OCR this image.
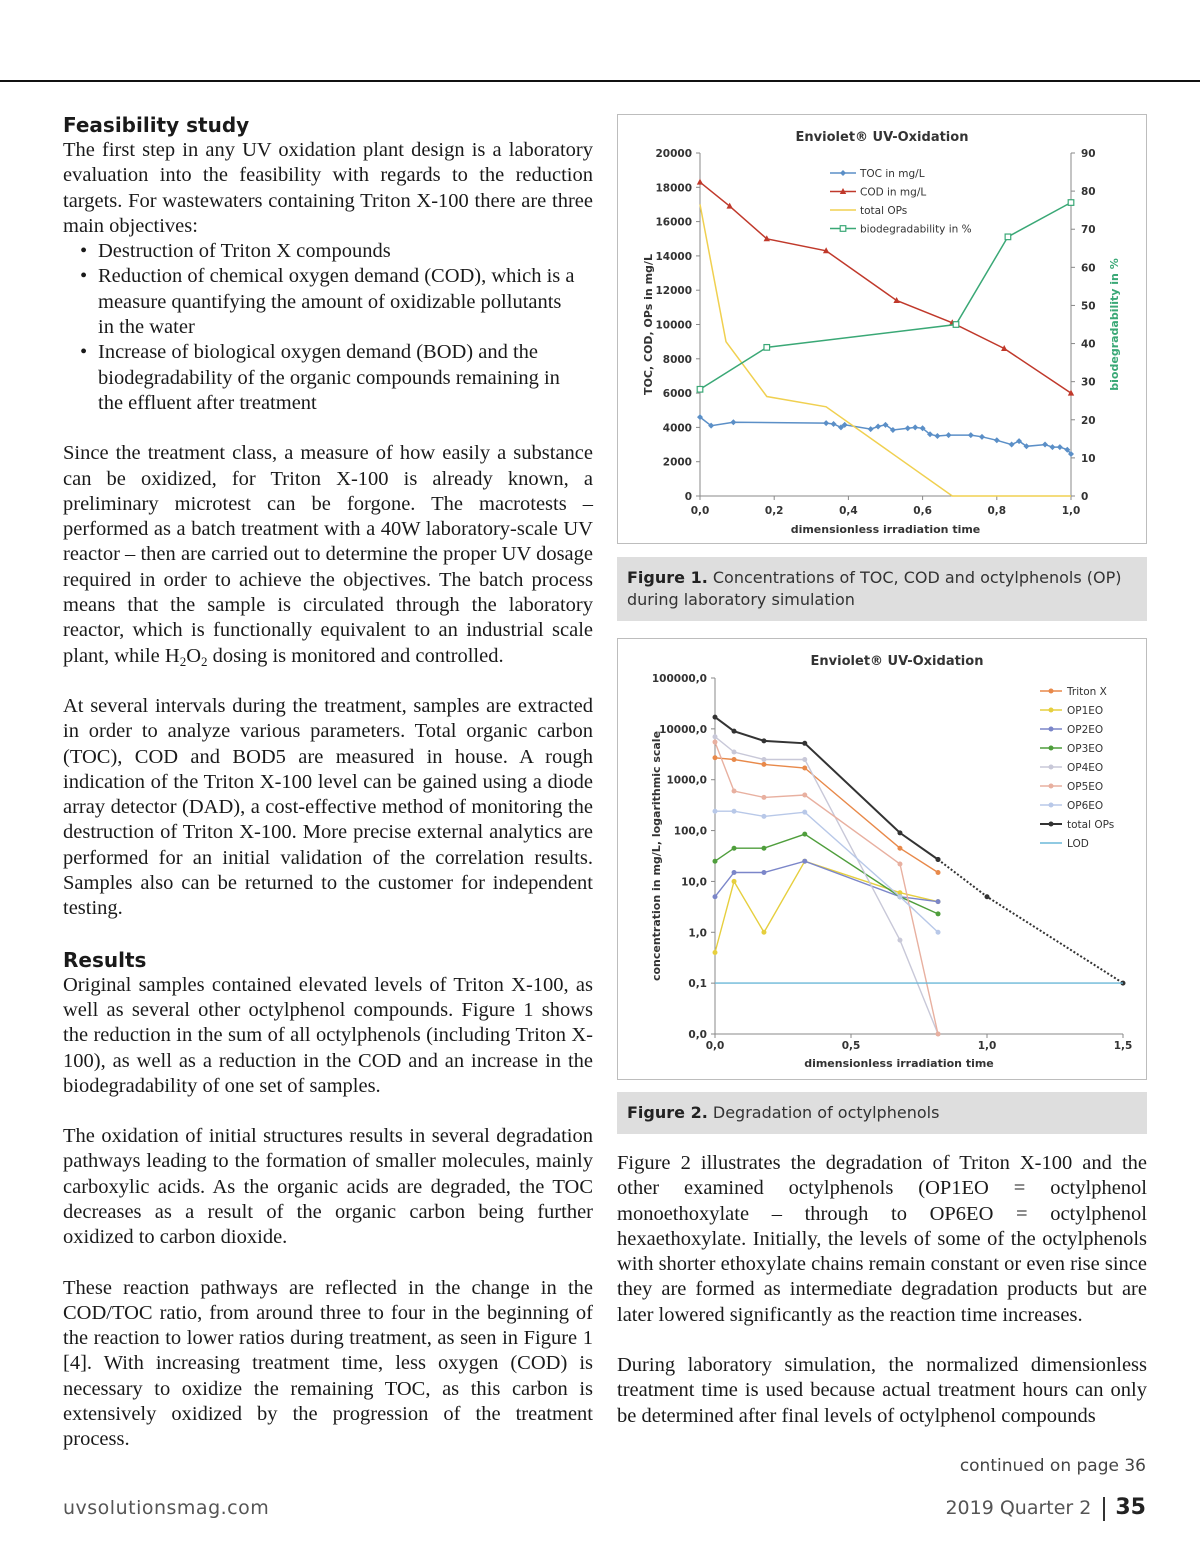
Feasibility study

The first step in any UV oxidation plant design is a laboratory evaluation into the feasibility with regards to the reduction targets. For wastewaters containing Triton X-100 there are three main objectives:

• Destruction of Triton X compounds
• Reduction of chemical oxygen demand (COD), which is a measure quantifying the amount of oxidizable pollutants in the water
• Increase of biological oxygen demand (BOD) and the biodegradability of the organic compounds remaining in the effluent after treatment

Since the treatment class, a measure of how easily a substance can be oxidized, for Triton X-100 is already known, a preliminary microtest can be forgone. The macrotests – performed as a batch treatment with a 40W laboratory-scale UV reactor – then are carried out to determine the proper UV dosage required in order to achieve the objectives. The batch process means that the sample is circulated through the laboratory reactor, which is functionally equivalent to an industrial scale plant, while $H_2O_2$ dosing is monitored and controlled.

At several intervals during the treatment, samples are extracted in order to analyze various parameters. Total organic carbon (TOC), COD and BOD5 are measured in house. A rough indication of the Triton X-100 level can be gained using a diode array detector (DAD), a cost-effective method of monitoring the destruction of Triton X-100. More precise external analytics are performed for an initial validation of the correlation results. Samples also can be returned to the customer for independent testing.

Results

Original samples contained elevated levels of Triton X-100, as well as several other octylphenol compounds. Figure 1 shows the reduction in the sum of all octylphenols (including Triton X-100), as well as a reduction in the COD and an increase in the biodegradability of one set of samples.

The oxidation of initial structures results in several degradation pathways leading to the formation of smaller molecules, mainly carboxylic acids. As the organic acids are degraded, the TOC decreases as a result of the organic carbon being further oxidized to carbon dioxide.

These reaction pathways are reflected in the change in the COD/TOC ratio, from around three to four in the beginning of the reaction to lower ratios during treatment, as seen in Figure 1 [4]. With increasing treatment time, less oxygen (COD) is necessary to oxidize the remaining TOC, as this carbon is extensively oxidized by the progression of the treatment process.

Enviolet® UV-Oxidation
0
2000
4000
6000
8000
10000
12000
14000
16000
18000
20000
0
10
20
30
40
50
60
70
80
90
0,0	0,2	0,4	0,6	0,8	1,0
dimensionless irradiation time
TOC, COD, OPs in mg/L	biodegradability in %
TOC in mg/L
COD in mg/L
total OPs
biodegradability in %
Figure 1. Concentrations of TOC, COD and octylphenols (OP) during laboratory simulation
Enviolet® UV-Oxidation
0,0
0,1
1,0
10,0
100,0
1000,0
10000,0
100000,0
0,0	0,5	1,0	1,5
dimensionless irradiation time
concentration in mg/L, logarithmic scale
Triton X
OP1EO
OP2EO
OP3EO
OP4EO
OP5EO
OP6EO
total OPs
LOD
Figure 2. Degradation of octylphenols

Figure 2 illustrates the degradation of Triton X-100 and the other examined octylphenols (OP1EO = octylphenol monoethoxylate – through to OP6EO = octylphenol hexaethoxylate. Initially, the levels of some of the octylphenols with shorter ethoxylate chains remain constant or even rise since they are formed as intermediate degradation products but are later lowered significantly as the reaction time increases.

During laboratory simulation, the normalized dimensionless treatment time is used because actual treatment hours can only be determined after final levels of octylphenol compounds

continued on page 36
uvsolutionsmag.com	2019 Quarter 2 35
